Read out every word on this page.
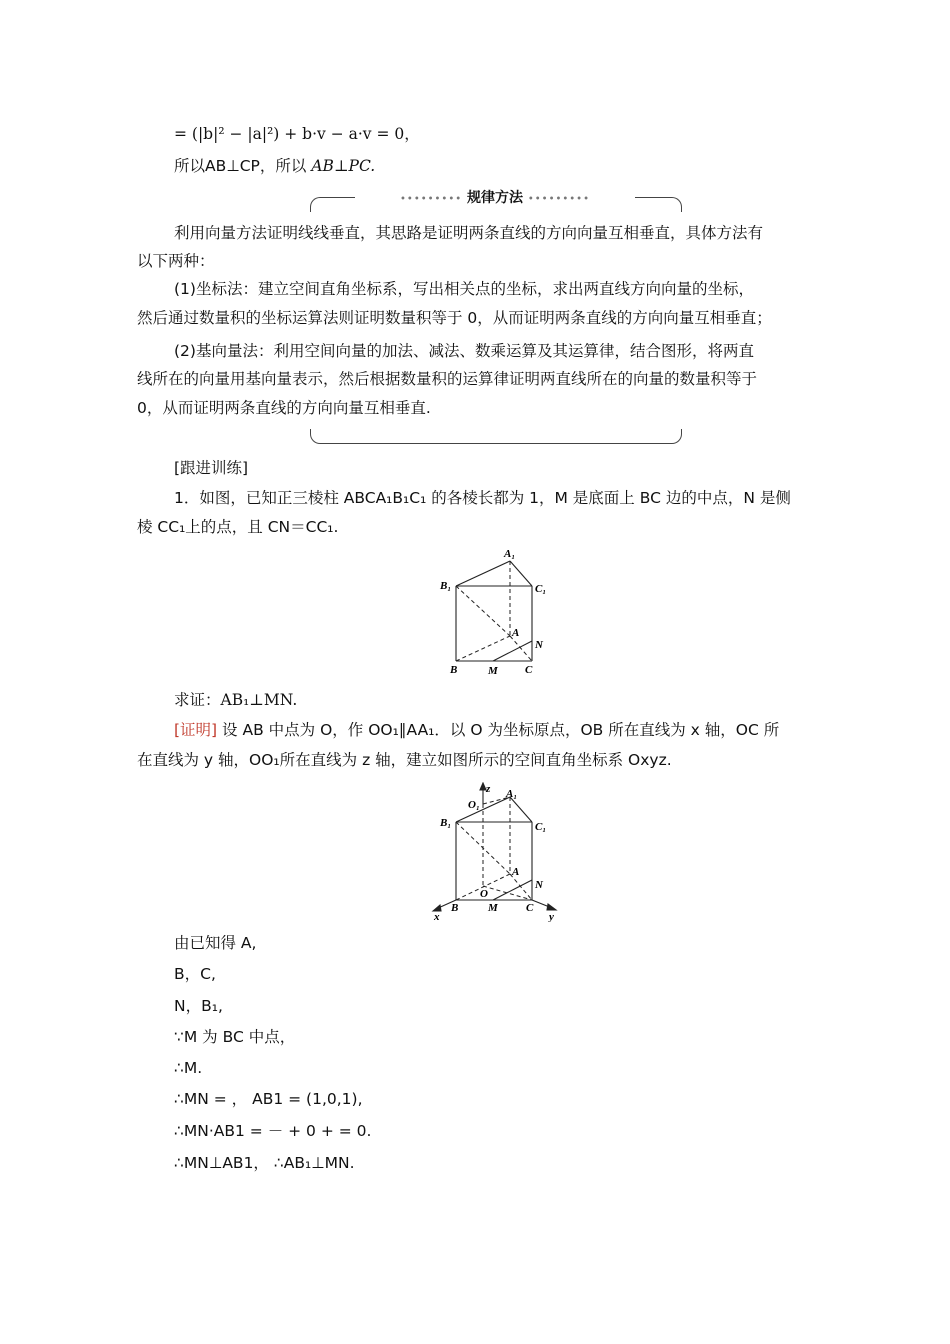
= (|b|² − |a|²) + b·v − a·v = 0，
所以AB⊥CP，所以 AB⊥PC.
••••••••• 规律方法 •••••••••
利用向量方法证明线线垂直，其思路是证明两条直线的方向向量互相垂直，具体方法有
以下两种：
(1)坐标法：建立空间直角坐标系，写出相关点的坐标，求出两直线方向向量的坐标，
然后通过数量积的坐标运算法则证明数量积等于 0，从而证明两条直线的方向向量互相垂直；
(2)基向量法：利用空间向量的加法、减法、数乘运算及其运算律，结合图形，将两直
线所在的向量用基向量表示，然后根据数量积的运算律证明两直线所在的向量的数量积等于
0，从而证明两条直线的方向向量互相垂直.
[跟进训练]
1．如图，已知正三棱柱 ABCA₁B₁C₁ 的各棱长都为 1，M 是底面上 BC 边的中点，N 是侧
棱 CC₁上的点，且 CN＝CC₁.
A₁
B₁	C₁
A
N
B	M C
求证：AB₁⊥MN.
[证明] 设 AB 中点为 O，作 OO₁∥AA₁．以 O 为坐标原点，OB 所在直线为 x 轴，OC 所
在直线为 y 轴，OO₁所在直线为 z 轴，建立如图所示的空间直角坐标系 Oxyz.
z
O₁
A₁
B₁	C₁
A
N
O
B	M	C
x	y
由已知得 A,
B，C,
N，B₁,
∵M 为 BC 中点，
∴M.
∴MN = ， AB1 = (1,0,1),
∴MN·AB1 = － + 0 + = 0.
∴MN⊥AB1， ∴AB₁⊥MN.
